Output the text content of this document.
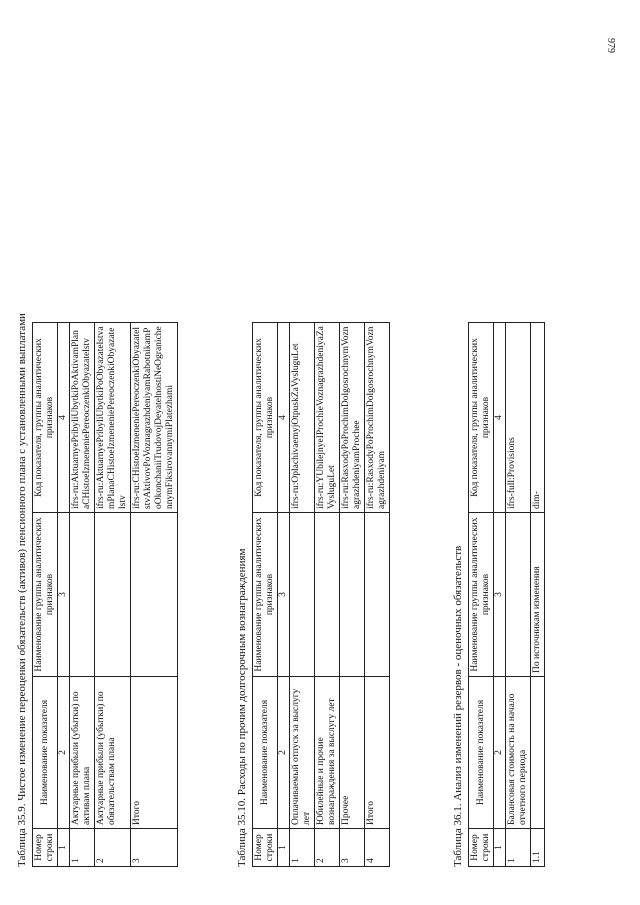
979
Таблица 35.9. Чистое изменение переоценки обязательств (активов) пенсионного плана с установленными выплатами Номер строки	Наименование показателя	Наименование группы аналитических признаков	Код показателя, группы аналитических признаков
1	2	3	4
1	Актуарные прибыли (убытки) по активам плана		ifrs-ru:AktuarnyePribyliUbytkiPoAktivamPlanaCHistoeIzmeneniePereoczenkiObyazatelstv
2	Актуарные прибыли (убытки) по обязательствам плана		ifrs-ru:AktuarnyePribyliUbytkiPoObyazatelstvamPlanaCHistoeIzmeneniePereoczenkiObyazatelstv
3	Итого		ifrs-ru:CHistoeIzmeneniePereoczenkiObyazatelstvAktivovPoVoznagrazhdeniyamRabotnikamPoOkonchaniiTrudovojDeyatelnostiNeOgranichennymFiksirovannymiPlatezhami
Таблица 35.10. Расходы по прочим долгосрочным вознаграждениям Номер строки	Наименование показателя	Наименование группы аналитических признаков	Код показателя, группы аналитических признаков
1	2	3	4
1	Оплачиваемый отпуск за выслугу лет		ifrs-ru:OplachivaemyjOtpuskZaVysluguLet
2	Юбилейные и прочие вознаграждения за выслугу лет		ifrs-ru:YUbilejnyeIProchieVoznagrazhdeniyaZaVysluguLet
3	Прочее		ifrs-ru:RasxodyPoProchimDolgosrochnymVoznagrazhdeniyamProchee
4	Итого		ifrs-ru:RasxodyPoProchimDolgosrochnymVoznagrazhdeniyam
Таблица 36.1. Анализ изменений резервов - оценочных обязательств Номер строки	Наименование показателя	Наименование группы аналитических признаков	Код показателя, группы аналитических признаков
1	2	3	4
1	Балансовая стоимость на начало отчетного периода		ifrs-full:Provisions
1.1		По источникам изменения	dim-
